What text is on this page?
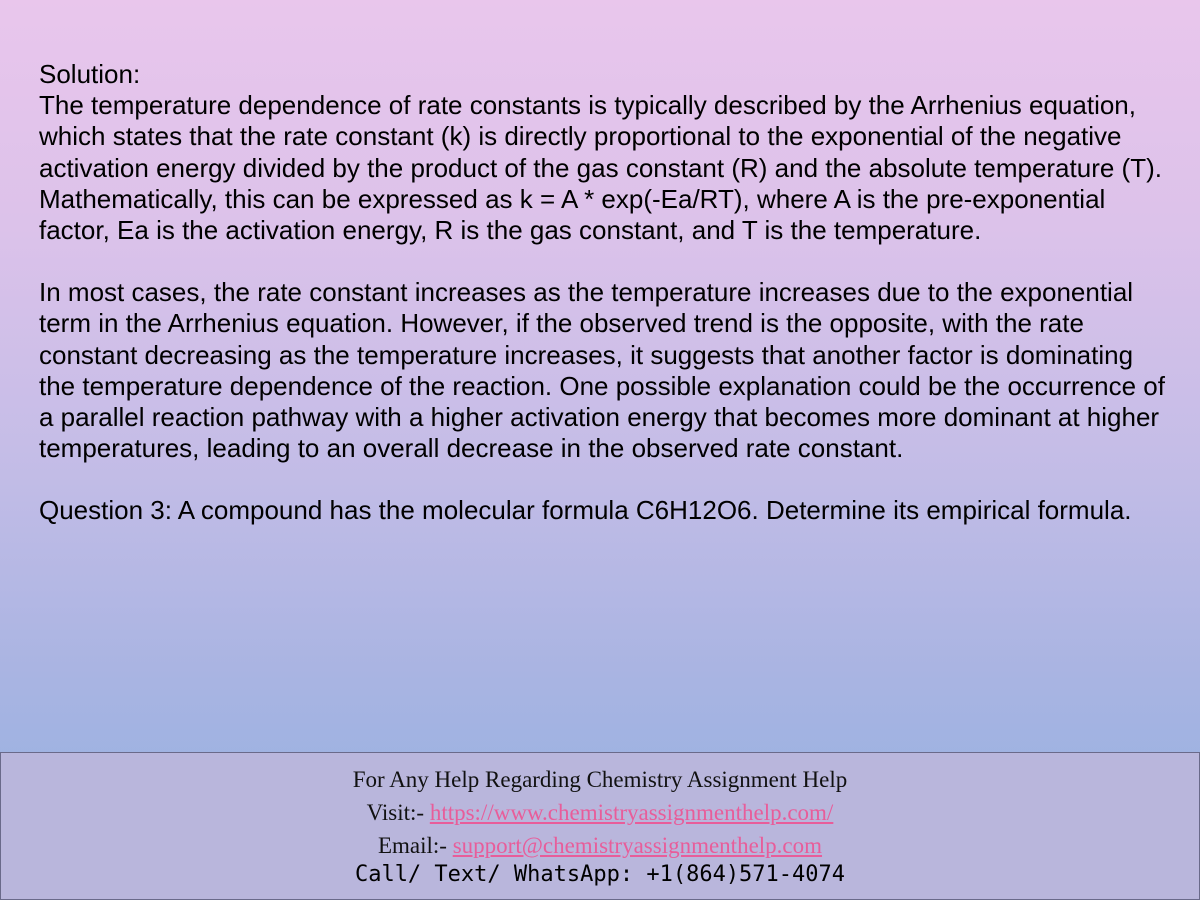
Solution:

The temperature dependence of rate constants is typically described by the Arrhenius equation, which states that the rate constant (k) is directly proportional to the exponential of the negative activation energy divided by the product of the gas constant (R) and the absolute temperature (T). Mathematically, this can be expressed as k = A * exp(-Ea/RT), where A is the pre-exponential factor, Ea is the activation energy, R is the gas constant, and T is the temperature.

In most cases, the rate constant increases as the temperature increases due to the exponential term in the Arrhenius equation. However, if the observed trend is the opposite, with the rate constant decreasing as the temperature increases, it suggests that another factor is dominating the temperature dependence of the reaction. One possible explanation could be the occurrence of a parallel reaction pathway with a higher activation energy that becomes more dominant at higher temperatures, leading to an overall decrease in the observed rate constant.

Question 3: A compound has the molecular formula C6H12O6. Determine its empirical formula.

For Any Help Regarding Chemistry Assignment Help
Visit:- https://www.chemistryassignmenthelp.com/
Email:- support@chemistryassignmenthelp.com
Call/ Text/ WhatsApp: +1(864)571-4074
